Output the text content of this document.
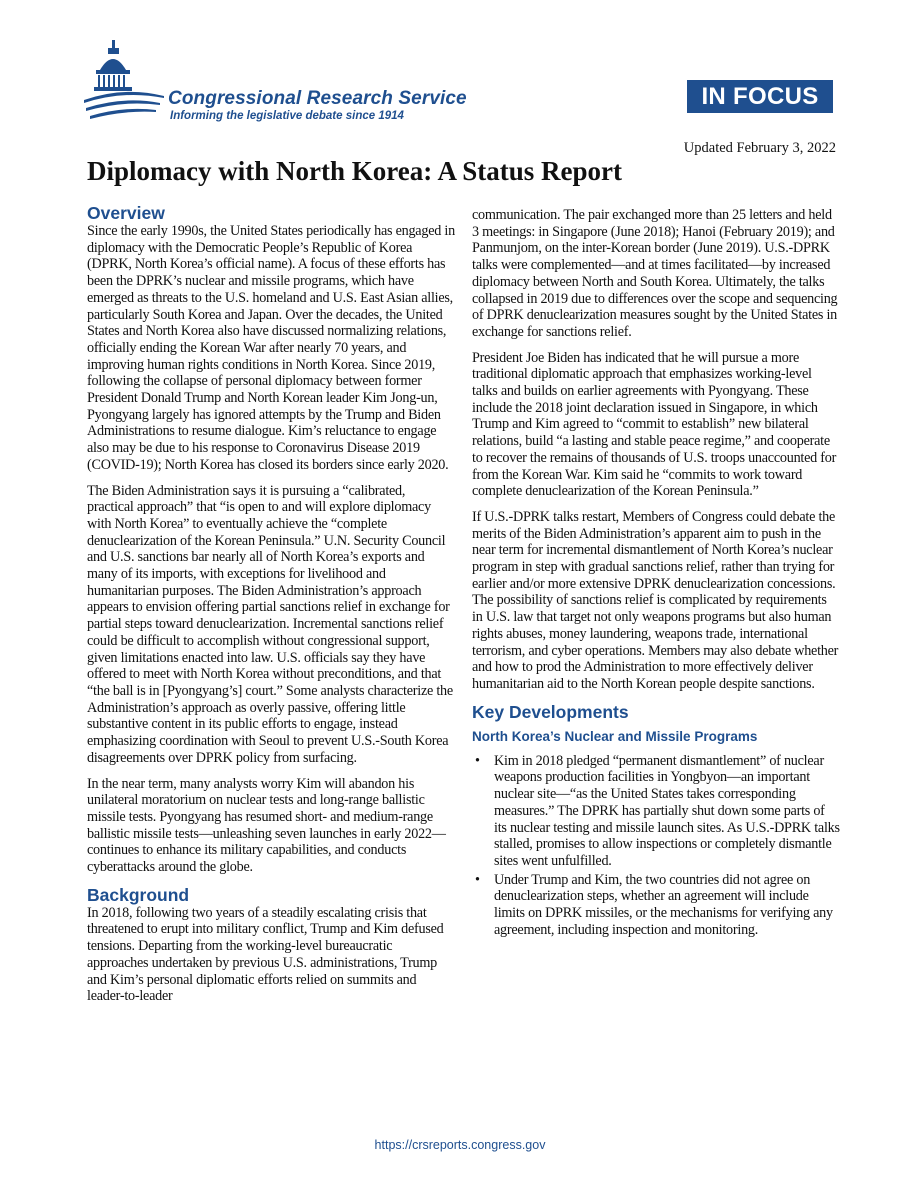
Congressional Research Service
Informing the legislative debate since 1914
IN FOCUS
Updated February 3, 2022
Diplomacy with North Korea: A Status Report
Overview

Since the early 1990s, the United States periodically has engaged in diplomacy with the Democratic People’s Republic of Korea (DPRK, North Korea’s official name). A focus of these efforts has been the DPRK’s nuclear and missile programs, which have emerged as threats to the U.S. homeland and U.S. East Asian allies, particularly South Korea and Japan. Over the decades, the United States and North Korea also have discussed normalizing relations, officially ending the Korean War after nearly 70 years, and improving human rights conditions in North Korea. Since 2019, following the collapse of personal diplomacy between former President Donald Trump and North Korean leader Kim Jong-un, Pyongyang largely has ignored attempts by the Trump and Biden Administrations to resume dialogue. Kim’s reluctance to engage also may be due to his response to Coronavirus Disease 2019 (COVID-19); North Korea has closed its borders since early 2020.

The Biden Administration says it is pursuing a “calibrated, practical approach” that “is open to and will explore diplomacy with North Korea” to eventually achieve the “complete denuclearization of the Korean Peninsula.” U.N. Security Council and U.S. sanctions bar nearly all of North Korea’s exports and many of its imports, with exceptions for livelihood and humanitarian purposes. The Biden Administration’s approach appears to envision offering partial sanctions relief in exchange for partial steps toward denuclearization. Incremental sanctions relief could be difficult to accomplish without congressional support, given limitations enacted into law. U.S. officials say they have offered to meet with North Korea without preconditions, and that “the ball is in [Pyongyang’s] court.” Some analysts characterize the Administration’s approach as overly passive, offering little substantive content in its public efforts to engage, instead emphasizing coordination with Seoul to prevent U.S.-South Korea disagreements over DPRK policy from surfacing.

In the near term, many analysts worry Kim will abandon his unilateral moratorium on nuclear tests and long-range ballistic missile tests. Pyongyang has resumed short- and medium-range ballistic missile tests—unleashing seven launches in early 2022—continues to enhance its military capabilities, and conducts cyberattacks around the globe.

Background

In 2018, following two years of a steadily escalating crisis that threatened to erupt into military conflict, Trump and Kim defused tensions. Departing from the working-level bureaucratic approaches undertaken by previous U.S. administrations, Trump and Kim’s personal diplomatic efforts relied on summits and leader-to-leader

communication. The pair exchanged more than 25 letters and held 3 meetings: in Singapore (June 2018); Hanoi (February 2019); and Panmunjom, on the inter-Korean border (June 2019). U.S.-DPRK talks were complemented—and at times facilitated—by increased diplomacy between North and South Korea. Ultimately, the talks collapsed in 2019 due to differences over the scope and sequencing of DPRK denuclearization measures sought by the United States in exchange for sanctions relief.

President Joe Biden has indicated that he will pursue a more traditional diplomatic approach that emphasizes working-level talks and builds on earlier agreements with Pyongyang. These include the 2018 joint declaration issued in Singapore, in which Trump and Kim agreed to “commit to establish” new bilateral relations, build “a lasting and stable peace regime,” and cooperate to recover the remains of thousands of U.S. troops unaccounted for from the Korean War. Kim said he “commits to work toward complete denuclearization of the Korean Peninsula.”

If U.S.-DPRK talks restart, Members of Congress could debate the merits of the Biden Administration’s apparent aim to push in the near term for incremental dismantlement of North Korea’s nuclear program in step with gradual sanctions relief, rather than trying for earlier and/or more extensive DPRK denuclearization concessions. The possibility of sanctions relief is complicated by requirements in U.S. law that target not only weapons programs but also human rights abuses, money laundering, weapons trade, international terrorism, and cyber operations. Members may also debate whether and how to prod the Administration to more effectively deliver humanitarian aid to the North Korean people despite sanctions.

Key Developments
North Korea’s Nuclear and Missile Programs
• Kim in 2018 pledged “permanent dismantlement” of nuclear weapons production facilities in Yongbyon—an important nuclear site—“as the United States takes corresponding measures.” The DPRK has partially shut down some parts of its nuclear testing and missile launch sites. As U.S.-DPRK talks stalled, promises to allow inspections or completely dismantle sites went unfulfilled.
• Under Trump and Kim, the two countries did not agree on denuclearization steps, whether an agreement will include limits on DPRK missiles, or the mechanisms for verifying any agreement, including inspection and monitoring.
https://crsreports.congress.gov
